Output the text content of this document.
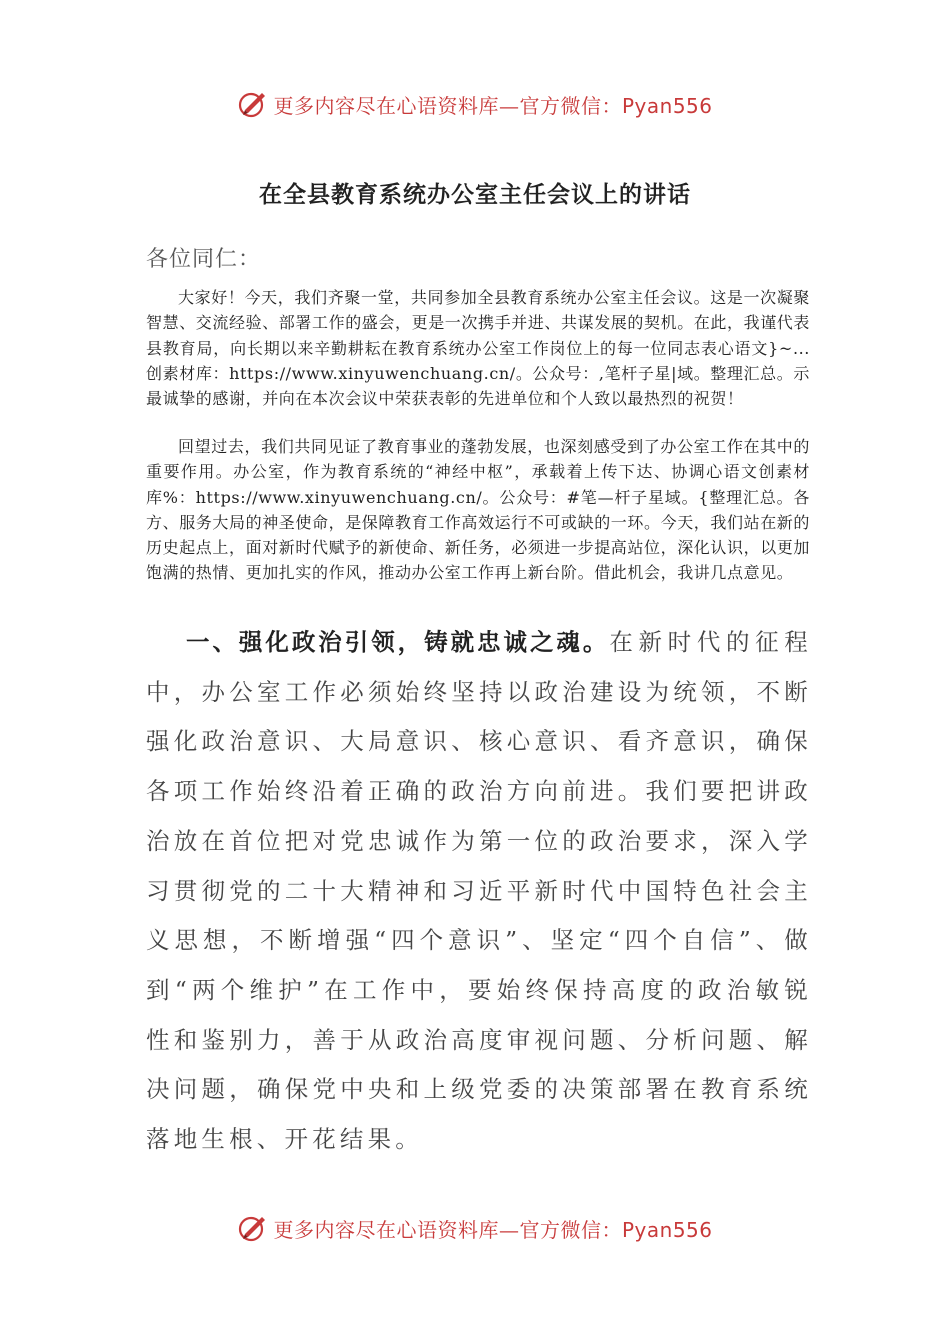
更多内容尽在心语资料库—官方微信：Pyan556
在全县教育系统办公室主任会议上的讲话
各位同仁：

大家好！今天，我们齐聚一堂，共同参加全县教育系统办公室主任会议。这是一次凝聚智慧、交流经验、部署工作的盛会，更是一次携手并进、共谋发展的契机。在此，我谨代表县教育局，向长期以来辛勤耕耘在教育系统办公室工作岗位上的每一位同志表心语文}~...创素材库：https://www.xinyuwenchuang.cn/。公众号：,笔杆子星|域。整理汇总。示最诚挚的感谢，并向在本次会议中荣获表彰的先进单位和个人致以最热烈的祝贺！

回望过去，我们共同见证了教育事业的蓬勃发展，也深刻感受到了办公室工作在其中的重要作用。办公室，作为教育系统的“神经中枢”，承载着上传下达、协调心语文创素材库%：https://www.xinyuwenchuang.cn/。公众号：#笔—杆子星域。{整理汇总。各方、服务大局的神圣使命，是保障教育工作高效运行不可或缺的一环。今天，我们站在新的历史起点上，面对新时代赋予的新使命、新任务，必须进一步提高站位，深化认识，以更加饱满的热情、更加扎实的作风，推动办公室工作再上新台阶。借此机会，我讲几点意见。

一、强化政治引领，铸就忠诚之魂。在新时代的征程中，办公室工作必须始终坚持以政治建设为统领，不断强化政治意识、大局意识、核心意识、看齐意识，确保各项工作始终沿着正确的政治方向前进。我们要把讲政治放在首位把对党忠诚作为第一位的政治要求，深入学习贯彻党的二十大精神和习近平新时代中国特色社会主义思想，不断增强“四个意识”、坚定“四个自信”、做到“两个维护”在工作中，要始终保持高度的政治敏锐性和鉴别力，善于从政治高度审视问题、分析问题、解决问题，确保党中央和上级党委的决策部署在教育系统落地生根、开花结果。

更多内容尽在心语资料库—官方微信：Pyan556
